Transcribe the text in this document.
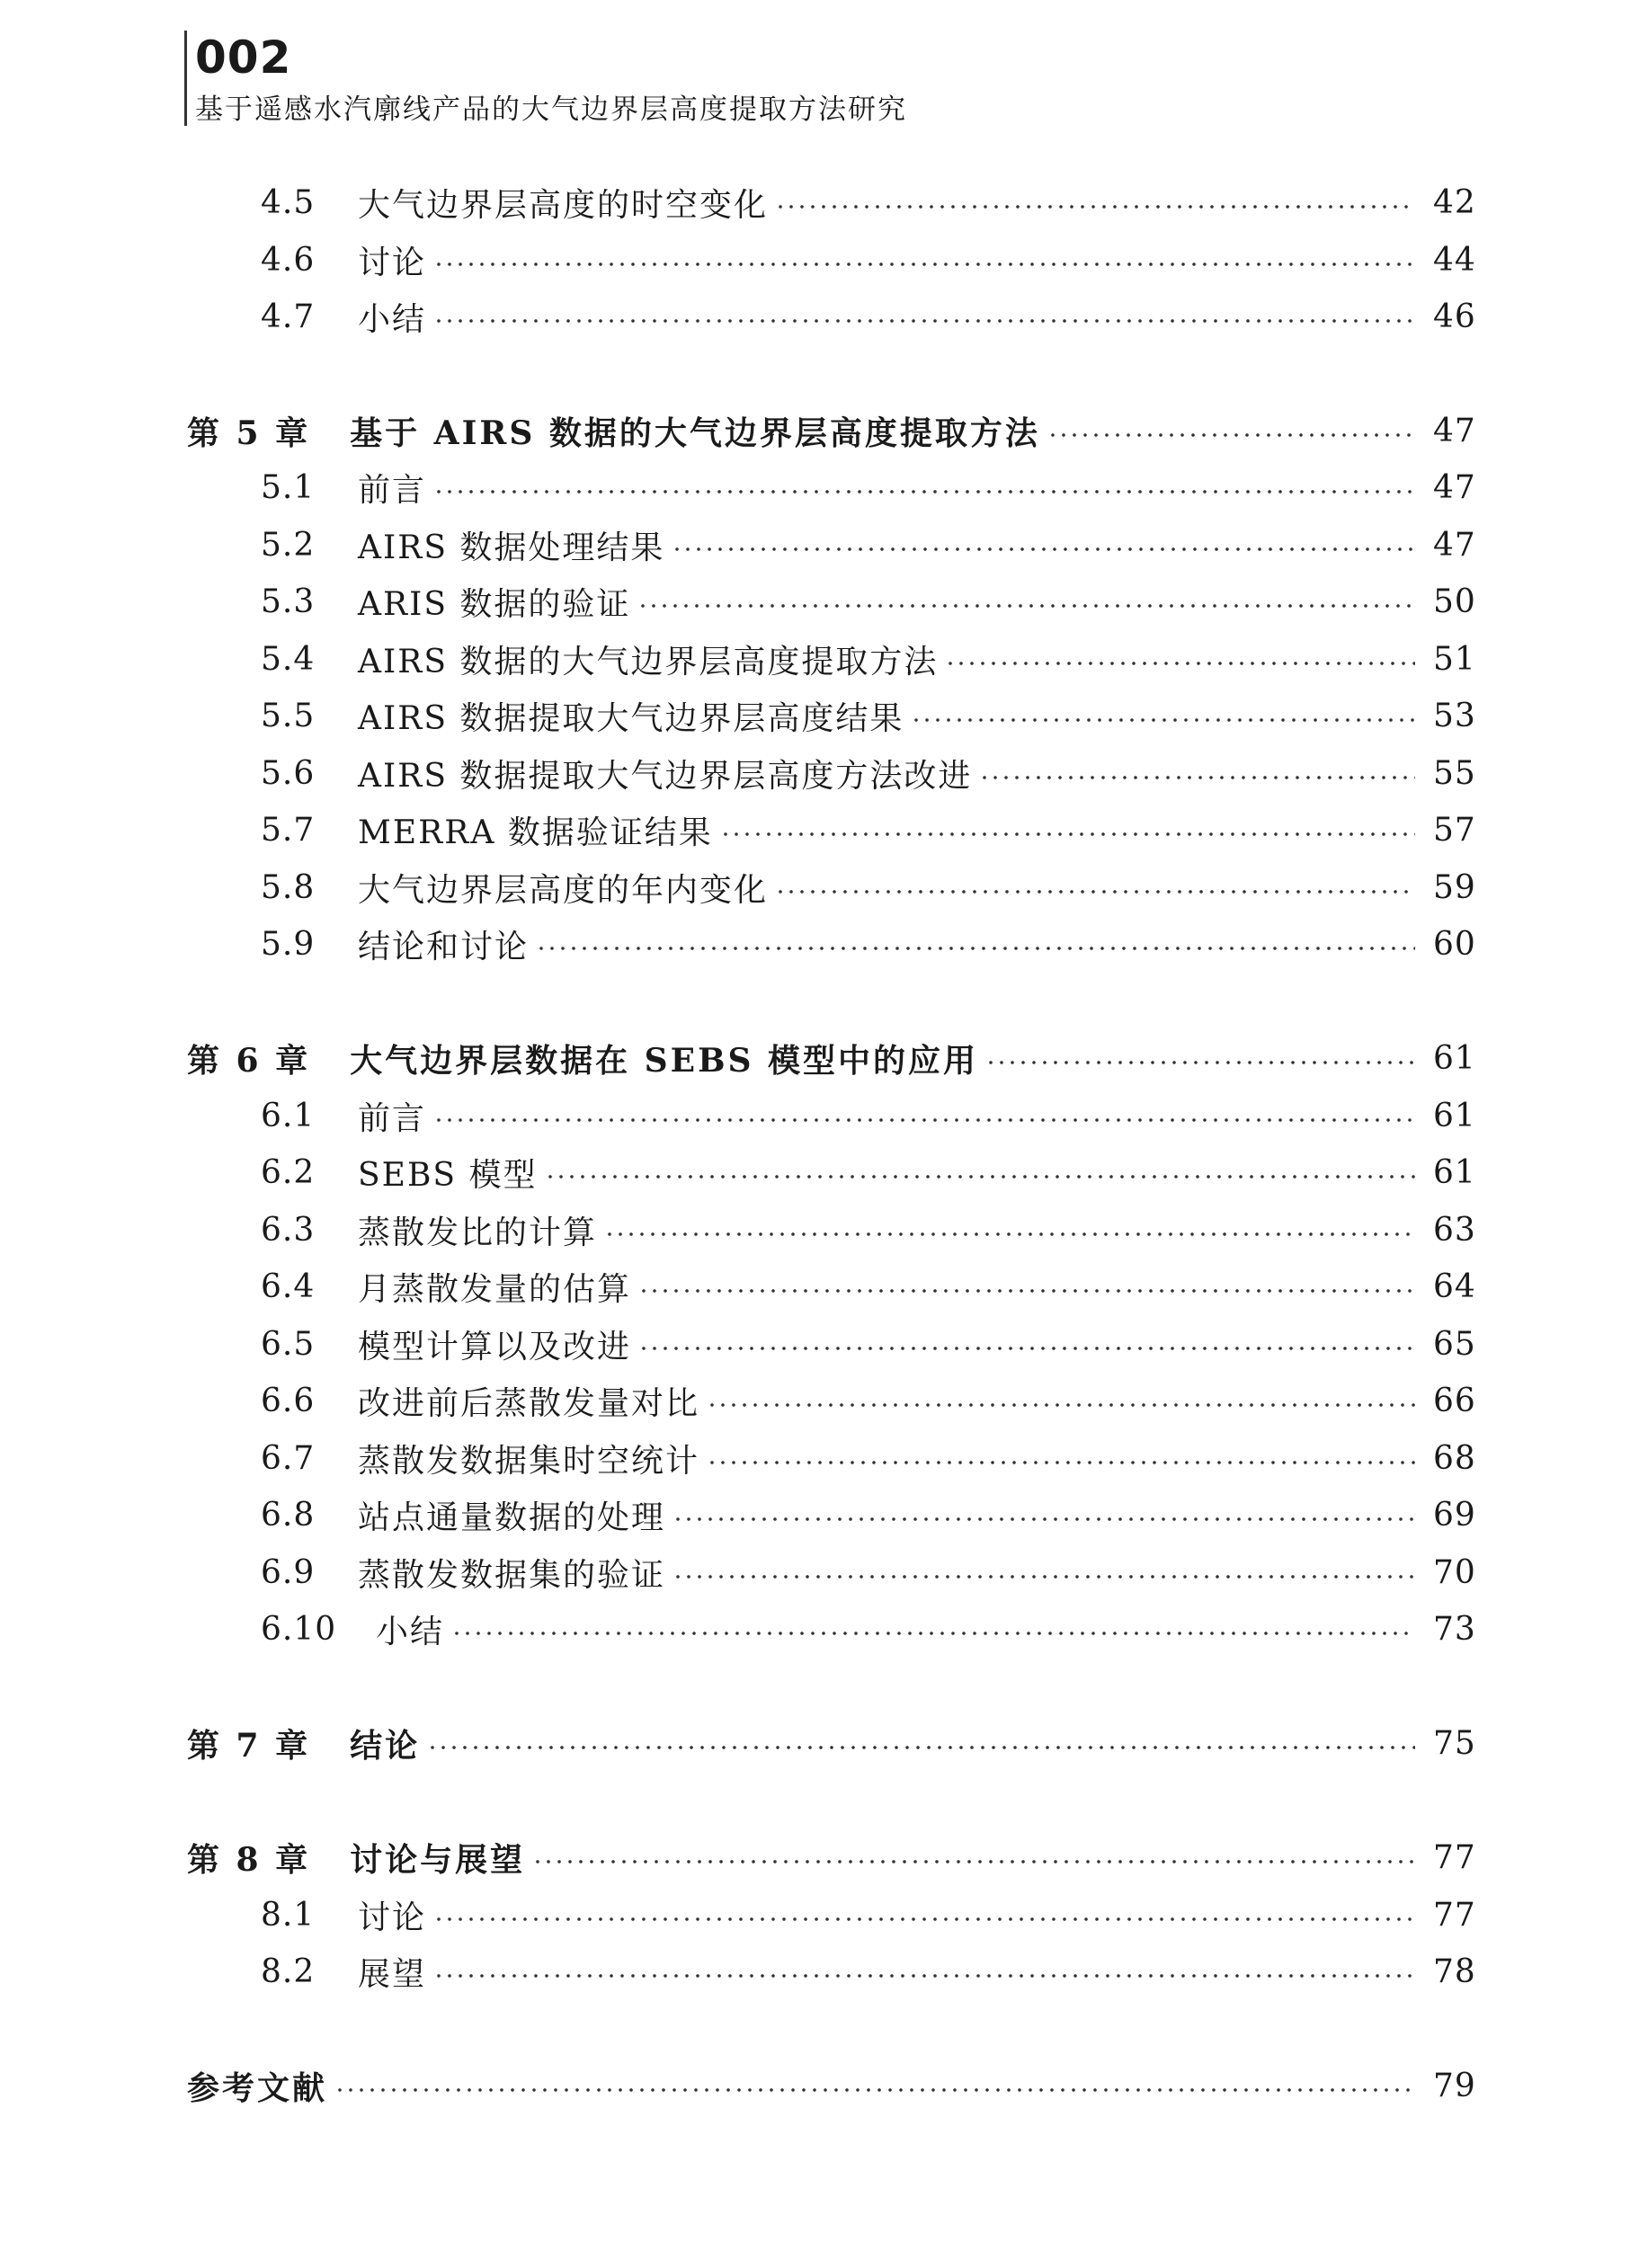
002
基于遥感水汽廓线产品的大气边界层高度提取方法研究
4.5	大气边界层高度的时空变化	42
4.6	讨论	44
4.7	小结	46
第 5 章 基于 AIRS 数据的大气边界层高度提取方法	47
5.1	前言	47
5.2	AIRS 数据处理结果	47
5.3	ARIS 数据的验证	50
5.4	AIRS 数据的大气边界层高度提取方法	51
5.5	AIRS 数据提取大气边界层高度结果	53
5.6	AIRS 数据提取大气边界层高度方法改进	55
5.7	MERRA 数据验证结果	57
5.8	大气边界层高度的年内变化	59
5.9	结论和讨论	60
第 6 章 大气边界层数据在 SEBS 模型中的应用	61
6.1	前言	61
6.2	SEBS 模型	61
6.3	蒸散发比的计算	63
6.4	月蒸散发量的估算	64
6.5	模型计算以及改进	65
6.6	改进前后蒸散发量对比	66
6.7	蒸散发数据集时空统计	68
6.8	站点通量数据的处理	69
6.9	蒸散发数据集的验证	70
6.10	小结	73
第 7 章 结论	75
第 8 章 讨论与展望	77
8.1	讨论	77
8.2	展望	78
参考文献	79
